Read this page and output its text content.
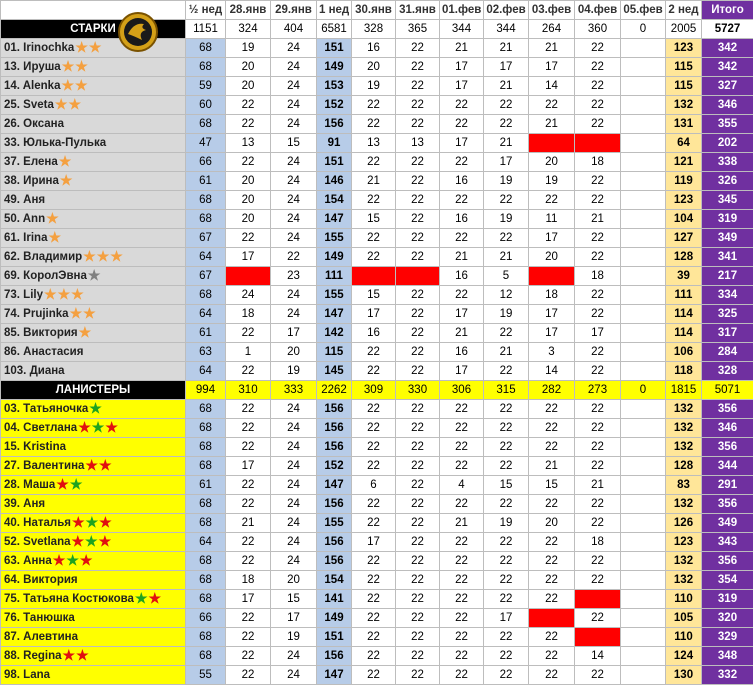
	½ нед	28.янв	29.янв	1 нед	30.янв	31.янв	01.фев	02.фев	03.фев	04.фев	05.фев	2 нед	Итого
СТАРКИ	1151	324	404	6581	328	365	344	344	264	360	0	2005	5727
01. Irinochka★★	68	19	24	151	16	22	21	21	21	22		123	342
13. Ируша★★	68	20	24	149	20	22	17	17	17	22		115	342
14. Alenka★★	59	20	24	153	19	22	17	21	14	22		115	327
25. Sveta★★	60	22	24	152	22	22	22	22	22	22		132	346
26. Оксана	68	22	24	156	22	22	22	22	21	22		131	355
33. Юлька-Пулька	47	13	15	91	13	13	17	21				64	202
37. Елена★	66	22	24	151	22	22	22	17	20	18		121	338
38. Ирина★	61	20	24	146	21	22	16	19	19	22		119	326
49. Аня	68	20	24	154	22	22	22	22	22	22		123	345
50. Ann★	68	20	24	147	15	22	16	19	11	21		104	319
61. Irina★	67	22	24	155	22	22	22	22	17	22		127	349
62. Владимир★★★	64	17	22	149	22	22	21	21	20	22		128	341
69. КоролЭвна★	67		23	111			16	5		18		39	217
73. Lily★★★	68	24	24	155	15	22	22	12	18	22		111	334
74. Prujinka★★	64	18	24	147	17	22	17	19	17	22		114	325
85. Виктория★	61	22	17	142	16	22	21	22	17	17		114	317
86. Анастасия	63	1	20	115	22	22	16	21	3	22		106	284
103. Диана	64	22	19	145	22	22	17	22	14	22		118	328
ЛАНИСТЕРЫ	994	310	333	2262	309	330	306	315	282	273	0	1815	5071
03. Татьяночка★	68	22	24	156	22	22	22	22	22	22		132	356
04. Светлана★★★	68	22	24	156	22	22	22	22	22	22		132	346
15. Kristina	68	22	24	156	22	22	22	22	22	22		132	356
27. Валентина★★	68	17	24	152	22	22	22	22	21	22		128	344
28. Маша★★	61	22	24	147	6	22	4	15	15	21		83	291
39. Аня	68	22	24	156	22	22	22	22	22	22		132	356
40. Наталья★★★	68	21	24	155	22	22	21	19	20	22		126	349
52. Svetlana★★★	64	22	24	156	17	22	22	22	22	18		123	343
63. Анна★★★	68	22	24	156	22	22	22	22	22	22		132	356
64. Виктория	68	18	20	154	22	22	22	22	22	22		132	354
75. Татьяна Костюкова★★	68	17	15	141	22	22	22	22	22			110	319
76. Танюшка	66	22	17	149	22	22	22	17		22		105	320
87. Алевтина	68	22	19	151	22	22	22	22	22			110	329
88. Regina★★	68	22	24	156	22	22	22	22	22	14		124	348
98. Lana	55	22	24	147	22	22	22	22	22	22		130	332
